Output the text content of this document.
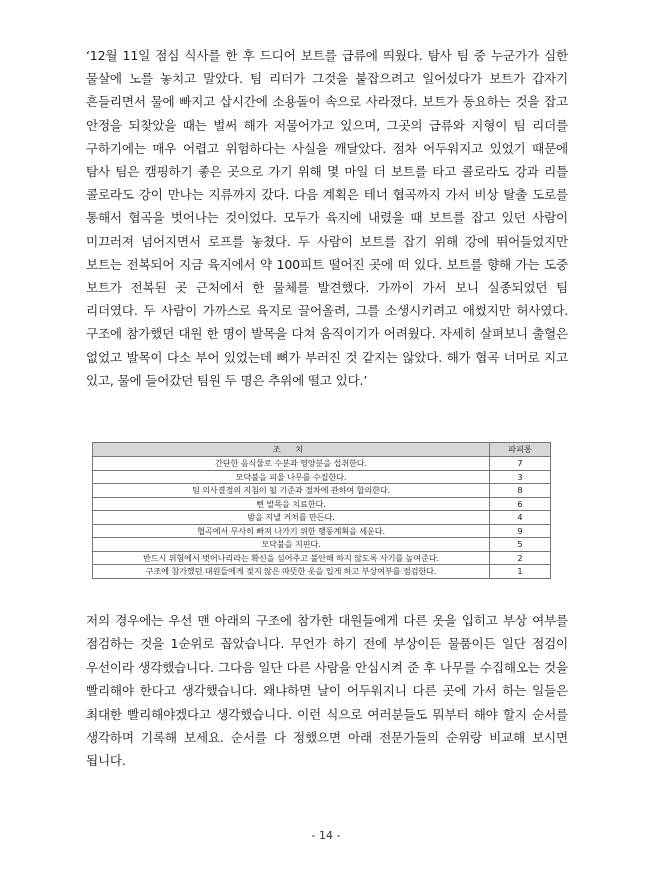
‘12월 11일 점심 식사를 한 후 드디어 보트를 급류에 띄웠다. 탐사 팀 중 누군가가 심한 물살에 노를 놓치고 말았다. 팀 리더가 그것을 붙잡으려고 일어섰다가 보트가 갑자기 흔들리면서 물에 빠지고 삽시간에 소용돌이 속으로 사라졌다. 보트가 동요하는 것을 잡고 안정을 되찾았을 때는 벌써 해가 저물어가고 있으며, 그곳의 급류와 지형이 팀 리더를 구하기에는 매우 어렵고 위험하다는 사실을 깨달았다. 점차 어두워지고 있었기 때문에 탐사 팀은 캠핑하기 좋은 곳으로 가기 위해 몇 마일 더 보트를 타고 콜로라도 강과 리틀 콜로라도 강이 만나는 지류까지 갔다. 다음 계획은 테너 협곡까지 가서 비상 탈출 도로를 통해서 협곡을 벗어나는 것이었다. 모두가 육지에 내렸을 때 보트를 잡고 있던 사람이 미끄러져 넘어지면서 로프를 놓쳤다. 두 사람이 보트를 잡기 위해 강에 뛰어들었지만 보트는 전복되어 지금 육지에서 약 100피트 떨어진 곳에 떠 있다. 보트를 향해 가는 도중 보트가 전복된 곳 근처에서 한 물체를 발견했다. 가까이 가서 보니 실종되었던 팀 리더였다. 두 사람이 가까스로 육지로 끌어올려, 그를 소생시키려고 애썼지만 허사였다. 구조에 참가했던 대원 한 명이 발목을 다쳐 움직이기가 어려웠다. 자세히 살펴보니 출혈은 없었고 발목이 다소 부어 있었는데 뼈가 부러진 것 같지는 않았다. 해가 협곡 너머로 지고 있고, 물에 들어갔던 팀원 두 명은 추위에 떨고 있다.’

조 치	파피롱
간단한 음식물로 수분과 영양분을 섭취한다.	7
모닥불을 피울 나무를 수집한다.	3
팀 의사결정의 지침이 될 기준과 절차에 관하여 합의한다.	8
삔 발목을 치료한다.	6
밤을 지낼 거처를 만든다.	4
협곡에서 무사히 빠져 나가기 위한 행동계획을 세운다.	9
모닥불을 지핀다.	5
반드시 위험에서 벗어나리라는 확신을 심어주고 불안해 하지 않도록 사기를 높여준다.	2
구조에 참가했던 대원들에게 젖지 않은 따뜻한 옷을 입게 하고 부상여부를 점검한다.	1

저의 경우에는 우선 맨 아래의 구조에 참가한 대원들에게 다른 옷을 입히고 부상 여부를 점검하는 것을 1순위로 꼽았습니다. 무언가 하기 전에 부상이든 물품이든 일단 점검이 우선이라 생각했습니다. 그다음 일단 다른 사람을 안심시켜 준 후 나무를 수집해오는 것을 빨리해야 한다고 생각했습니다. 왜냐하면 날이 어두워지니 다른 곳에 가서 하는 일들은 최대한 빨리해야겠다고 생각했습니다. 이런 식으로 여러분들도 뭐부터 해야 할지 순서를 생각하며 기록해 보세요. 순서를 다 정했으면 아래 전문가들의 순위랑 비교해 보시면 됩니다.

- 14 -
